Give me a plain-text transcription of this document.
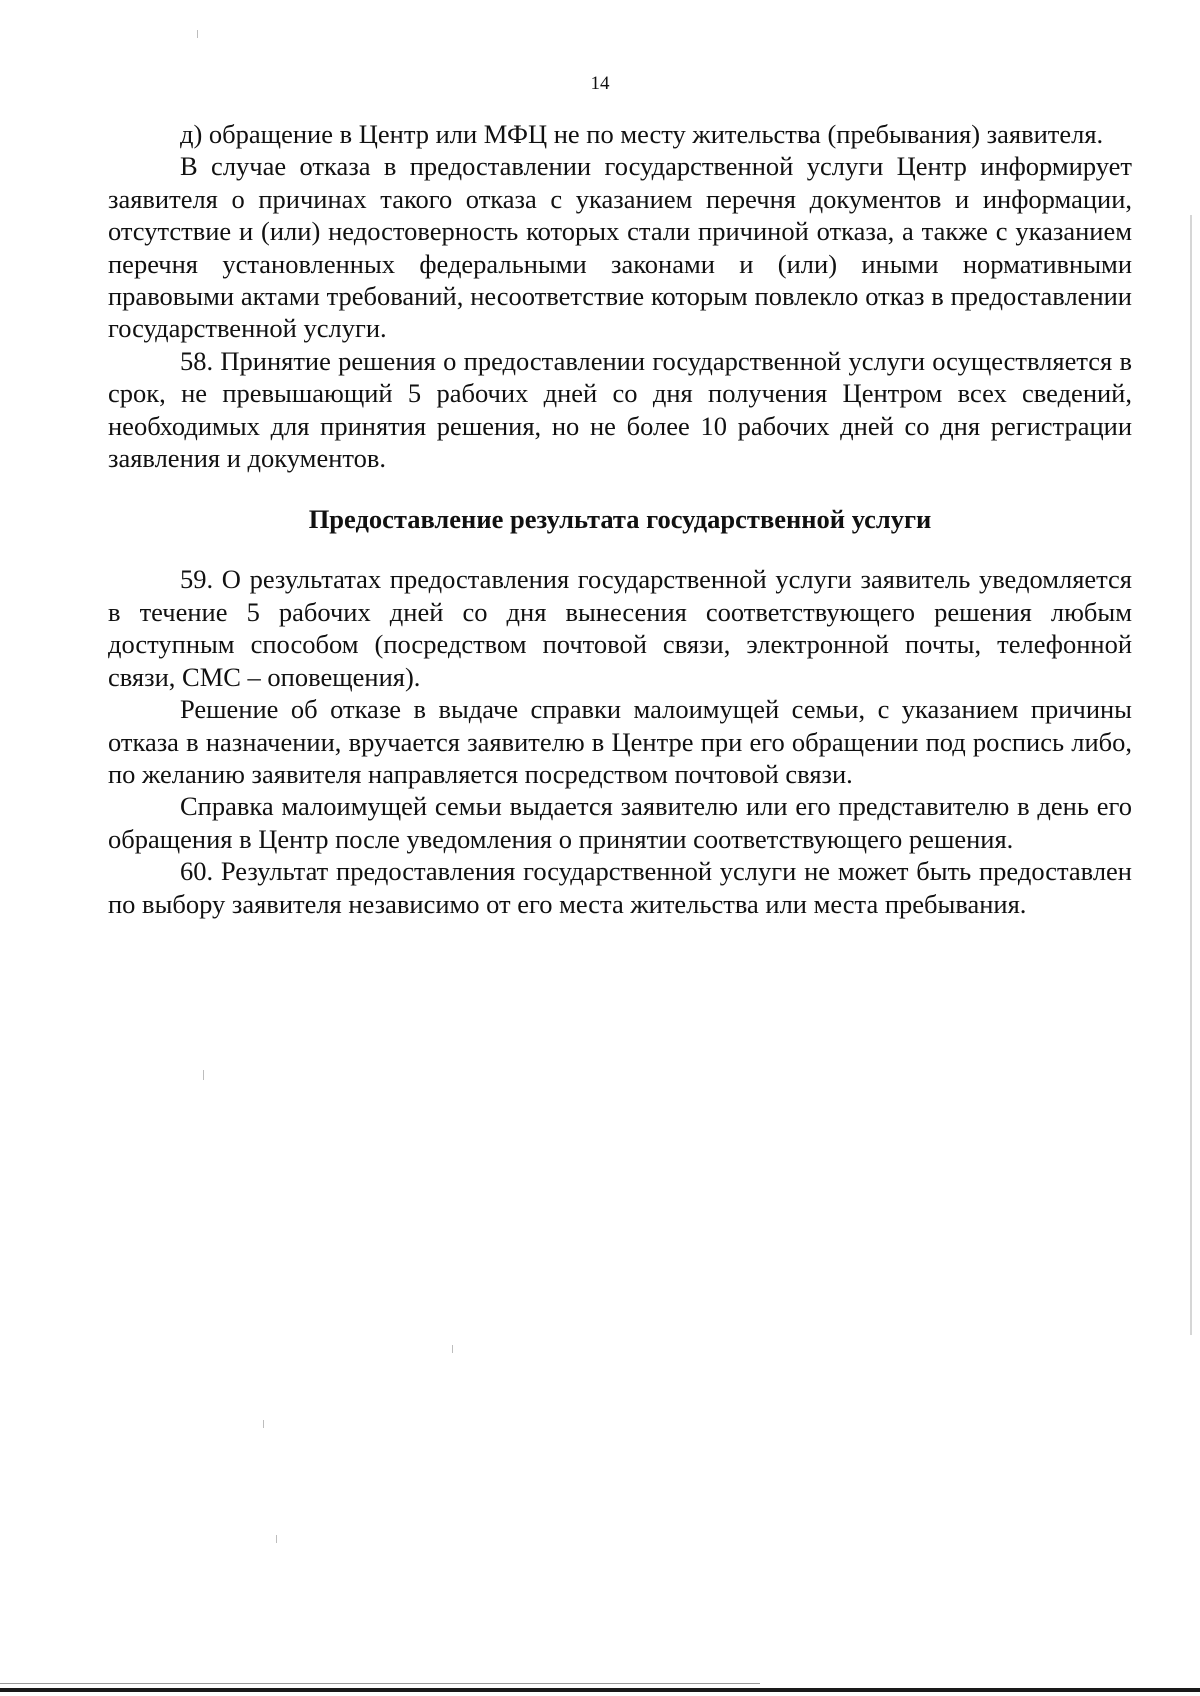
14

д) обращение в Центр или МФЦ не по месту жительства (пребывания) заявителя.

В случае отказа в предоставлении государственной услуги Центр информирует заявителя о причинах такого отказа с указанием перечня документов и информации, отсутствие и (или) недостоверность которых стали причиной отказа, а также с указанием перечня установленных федеральными законами и (или) иными нормативными правовыми актами требований, несоответствие которым повлекло отказ в предоставлении государственной услуги.

58. Принятие решения о предоставлении государственной услуги осуществляется в срок, не превышающий 5 рабочих дней со дня получения Центром всех сведений, необходимых для принятия решения, но не более 10 рабочих дней со дня регистрации заявления и документов.

Предоставление результата государственной услуги

59. О результатах предоставления государственной услуги заявитель уведомляется в течение 5 рабочих дней со дня вынесения соответствующего решения любым доступным способом (посредством почтовой связи, электронной почты, телефонной связи, СМС – оповещения).

Решение об отказе в выдаче справки малоимущей семьи, с указанием причины отказа в назначении, вручается заявителю в Центре при его обращении под роспись либо, по желанию заявителя направляется посредством почтовой связи.

Справка малоимущей семьи выдается заявителю или его представителю в день его обращения в Центр после уведомления о принятии соответствующего решения.

60. Результат предоставления государственной услуги не может быть предоставлен по выбору заявителя независимо от его места жительства или места пребывания.
